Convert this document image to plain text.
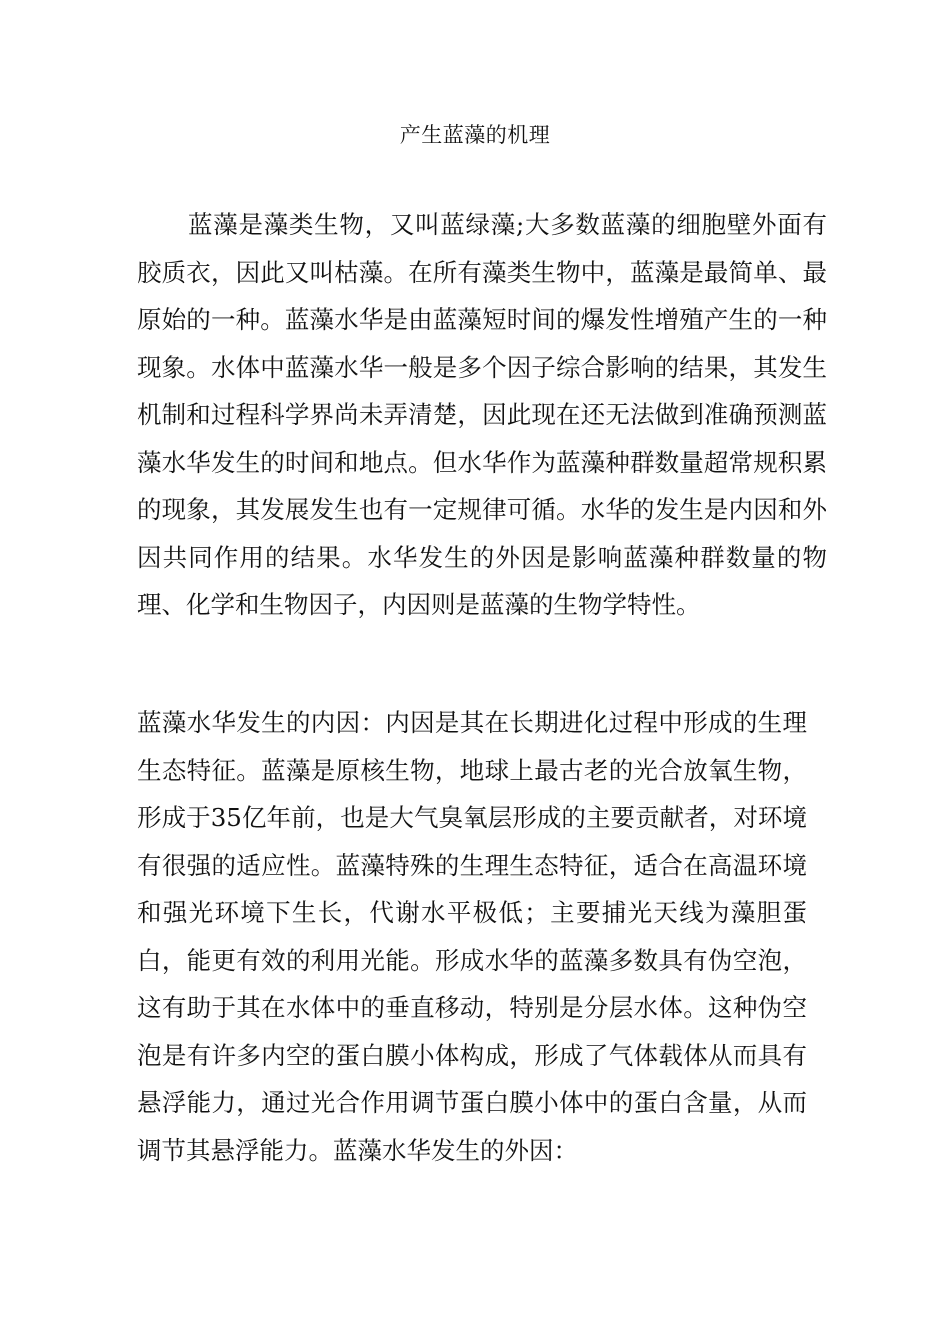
产生蓝藻的机理

蓝藻是藻类生物，又叫蓝绿藻;大多数蓝藻的细胞壁外面有胶质衣，因此又叫枯藻。在所有藻类生物中，蓝藻是最简单、最原始的一种。蓝藻水华是由蓝藻短时间的爆发性增殖产生的一种现象。水体中蓝藻水华一般是多个因子综合影响的结果，其发生机制和过程科学界尚未弄清楚，因此现在还无法做到准确预测蓝藻水华发生的时间和地点。但水华作为蓝藻种群数量超常规积累的现象，其发展发生也有一定规律可循。水华的发生是内因和外因共同作用的结果。水华发生的外因是影响蓝藻种群数量的物理、化学和生物因子，内因则是蓝藻的生物学特性。

蓝藻水华发生的内因：内因是其在长期进化过程中形成的生理生态特征。蓝藻是原核生物，地球上最古老的光合放氧生物，形成于35亿年前，也是大气臭氧层形成的主要贡献者，对环境有很强的适应性。蓝藻特殊的生理生态特征，适合在高温环境和强光环境下生长，代谢水平极低；主要捕光天线为藻胆蛋白，能更有效的利用光能。形成水华的蓝藻多数具有伪空泡，这有助于其在水体中的垂直移动，特别是分层水体。这种伪空泡是有许多内空的蛋白膜小体构成，形成了气体载体从而具有悬浮能力，通过光合作用调节蛋白膜小体中的蛋白含量，从而调节其悬浮能力。蓝藻水华发生的外因：
